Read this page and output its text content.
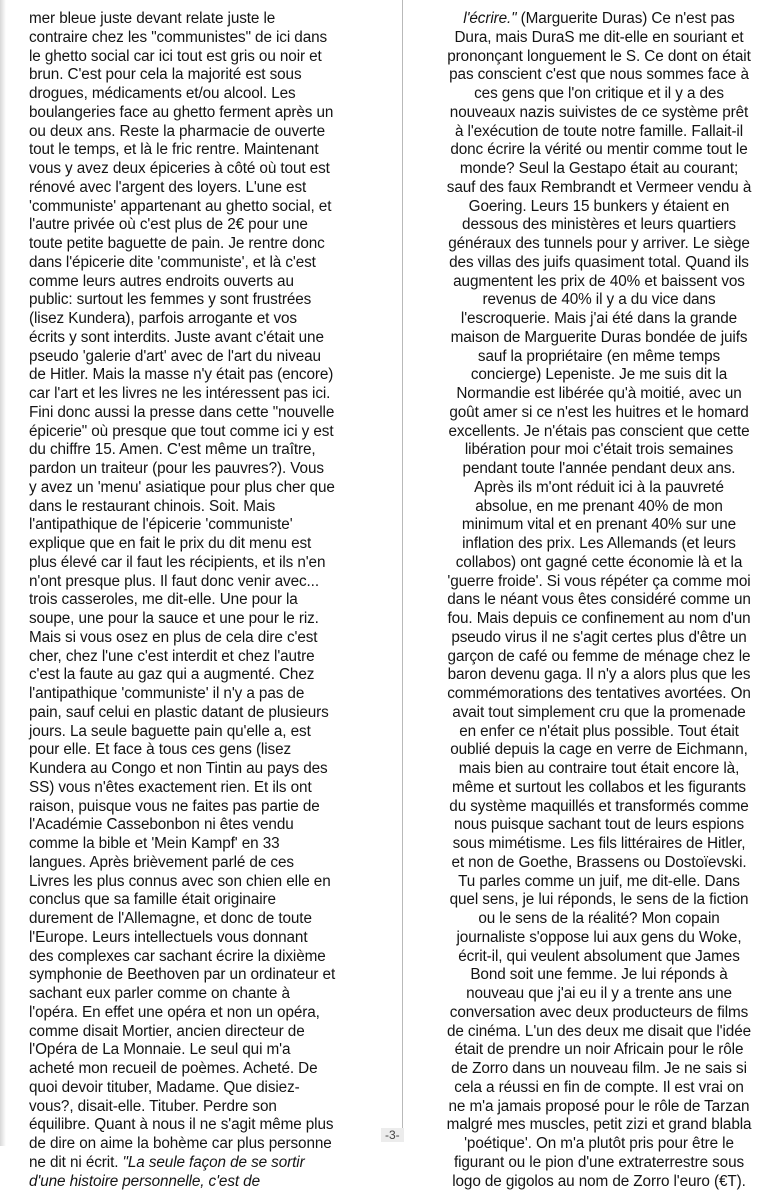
mer bleue juste devant relate juste le
contraire chez les "communistes" de ici dans
le ghetto social car ici tout est gris ou noir et
brun. C'est pour cela la majorité est sous
drogues, médicaments et/ou alcool. Les
boulangeries face au ghetto ferment après un
ou deux ans. Reste la pharmacie de ouverte
tout le temps, et là le fric rentre. Maintenant
vous y avez deux épiceries à côté où tout est
rénové avec l'argent des loyers. L'une est
'communiste' appartenant au ghetto social, et
l'autre privée où c'est plus de 2€ pour une
toute petite baguette de pain. Je rentre donc
dans l'épicerie dite 'communiste', et là c'est
comme leurs autres endroits ouverts au
public: surtout les femmes y sont frustrées
(lisez Kundera), parfois arrogante et vos
écrits y sont interdits. Juste avant c'était une
pseudo 'galerie d'art' avec de l'art du niveau
de Hitler. Mais la masse n'y était pas (encore)
car l'art et les livres ne les intéressent pas ici.
Fini donc aussi la presse dans cette "nouvelle
épicerie" où presque que tout comme ici y est
du chiffre 15. Amen. C'est même un traître,
pardon un traiteur (pour les pauvres?). Vous
y avez un 'menu' asiatique pour plus cher que
dans le restaurant chinois. Soit. Mais
l'antipathique de l'épicerie 'communiste'
explique que en fait le prix du dit menu est
plus élevé car il faut les récipients, et ils n'en
n'ont presque plus. Il faut donc venir avec...
trois casseroles, me dit-elle. Une pour la
soupe, une pour la sauce et une pour le riz.
Mais si vous osez en plus de cela dire c'est
cher, chez l'une c'est interdit et chez l'autre
c'est la faute au gaz qui a augmenté. Chez
l'antipathique 'communiste' il n'y a pas de
pain, sauf celui en plastic datant de plusieurs
jours. La seule baguette pain qu'elle a, est
pour elle. Et face à tous ces gens (lisez
Kundera au Congo et non Tintin au pays des
SS) vous n'êtes exactement rien. Et ils ont
raison, puisque vous ne faites pas partie de
l'Académie Cassebonbon ni êtes vendu
comme la bible et 'Mein Kampf' en 33
langues. Après brièvement parlé de ces
Livres les plus connus avec son chien elle en
conclus que sa famille était originaire
durement de l'Allemagne, et donc de toute
l'Europe. Leurs intellectuels vous donnant
des complexes car sachant écrire la dixième
symphonie de Beethoven par un ordinateur et
sachant eux parler comme on chante à
l'opéra. En effet une opéra et non un opéra,
comme disait Mortier, ancien directeur de
l'Opéra de La Monnaie. Le seul qui m'a
acheté mon recueil de poèmes. Acheté. De
quoi devoir tituber, Madame. Que disiez-
vous?, disait-elle. Tituber. Perdre son
équilibre. Quant à nous il ne s'agit même plus
de dire on aime la bohème car plus personne
ne dit ni écrit. "La seule façon de se sortir
d'une histoire personnelle, c'est de
l'écrire." (Marguerite Duras) Ce n'est pas
Dura, mais DuraS me dit-elle en souriant et
prononçant longuement le S. Ce dont on était
pas conscient c'est que nous sommes face à
ces gens que l'on critique et il y a des
nouveaux nazis suivistes de ce système prêt
à l'exécution de toute notre famille. Fallait-il
donc écrire la vérité ou mentir comme tout le
monde? Seul la Gestapo était au courant;
sauf des faux Rembrandt et Vermeer vendu à
Goering. Leurs 15 bunkers y étaient en
dessous des ministères et leurs quartiers
généraux des tunnels pour y arriver. Le siège
des villas des juifs quasiment total. Quand ils
augmentent les prix de 40% et baissent vos
revenus de 40% il y a du vice dans
l'escroquerie. Mais j'ai été dans la grande
maison de Marguerite Duras bondée de juifs
sauf la propriétaire (en même temps
concierge) Lepeniste. Je me suis dit la
Normandie est libérée qu'à moitié, avec un
goût amer si ce n'est les huitres et le homard
excellents. Je n'étais pas conscient que cette
libération pour moi c'était trois semaines
pendant toute l'année pendant deux ans.
Après ils m'ont réduit ici à la pauvreté
absolue, en me prenant 40% de mon
minimum vital et en prenant 40% sur une
inflation des prix. Les Allemands (et leurs
collabos) ont gagné cette économie là et la
'guerre froide'. Si vous répéter ça comme moi
dans le néant vous êtes considéré comme un
fou. Mais depuis ce confinement au nom d'un
pseudo virus il ne s'agit certes plus d'être un
garçon de café ou femme de ménage chez le
baron devenu gaga. Il n'y a alors plus que les
commémorations des tentatives avortées. On
avait tout simplement cru que la promenade
en enfer ce n'était plus possible. Tout était
oublié depuis la cage en verre de Eichmann,
mais bien au contraire tout était encore là,
même et surtout les collabos et les figurants
du système maquillés et transformés comme
nous puisque sachant tout de leurs espions
sous mimétisme. Les fils littéraires de Hitler,
et non de Goethe, Brassens ou Dostoïevski.
Tu parles comme un juif, me dit-elle. Dans
quel sens, je lui réponds, le sens de la fiction
ou le sens de la réalité? Mon copain
journaliste s'oppose lui aux gens du Woke,
écrit-il, qui veulent absolument que James
Bond soit une femme. Je lui réponds à
nouveau que j'ai eu il y a trente ans une
conversation avec deux producteurs de films
de cinéma. L'un des deux me disait que l'idée
était de prendre un noir Africain pour le rôle
de Zorro dans un nouveau film. Je ne sais si
cela a réussi en fin de compte. Il est vrai on
ne m'a jamais proposé pour le rôle de Tarzan
malgré mes muscles, petit zizi et grand blabla
'poétique'. On m'a plutôt pris pour être le
figurant ou le pion d'une extraterrestre sous
logo de gigolos au nom de Zorro l'euro (€T).
-3-
